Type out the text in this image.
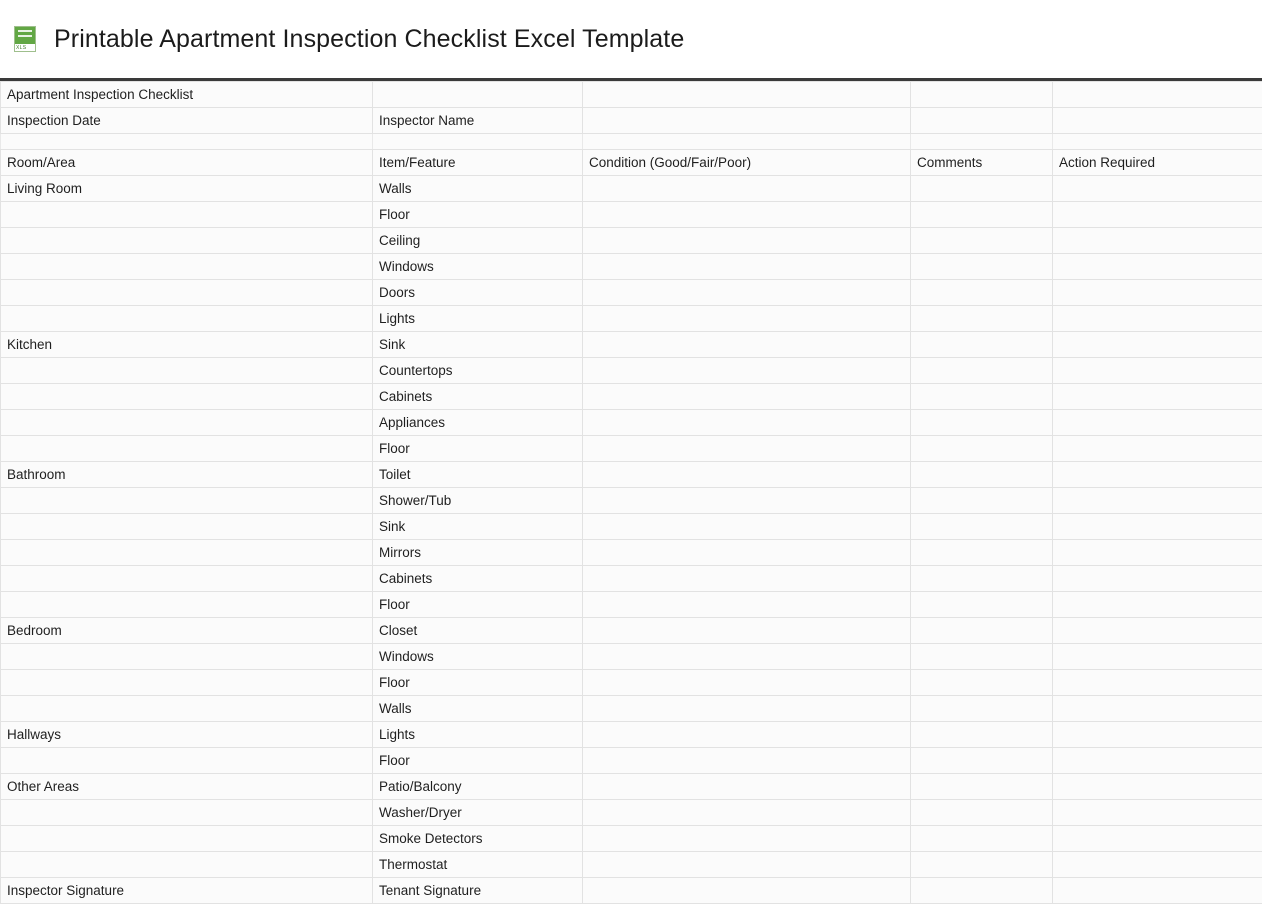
XLS Printable Apartment Inspection Checklist Excel Template
Apartment Inspection Checklist				
Inspection Date	Inspector Name			

Room/Area	Item/Feature	Condition (Good/Fair/Poor)	Comments	Action Required
Living Room	Walls			
	Floor			
	Ceiling			
	Windows			
	Doors			
	Lights			
Kitchen	Sink			
	Countertops			
	Cabinets			
	Appliances			
	Floor			
Bathroom	Toilet			
	Shower/Tub			
	Sink			
	Mirrors			
	Cabinets			
	Floor			
Bedroom	Closet			
	Windows			
	Floor			
	Walls			
Hallways	Lights			
	Floor			
Other Areas	Patio/Balcony			
	Washer/Dryer			
	Smoke Detectors			
	Thermostat			
Inspector Signature	Tenant Signature			
